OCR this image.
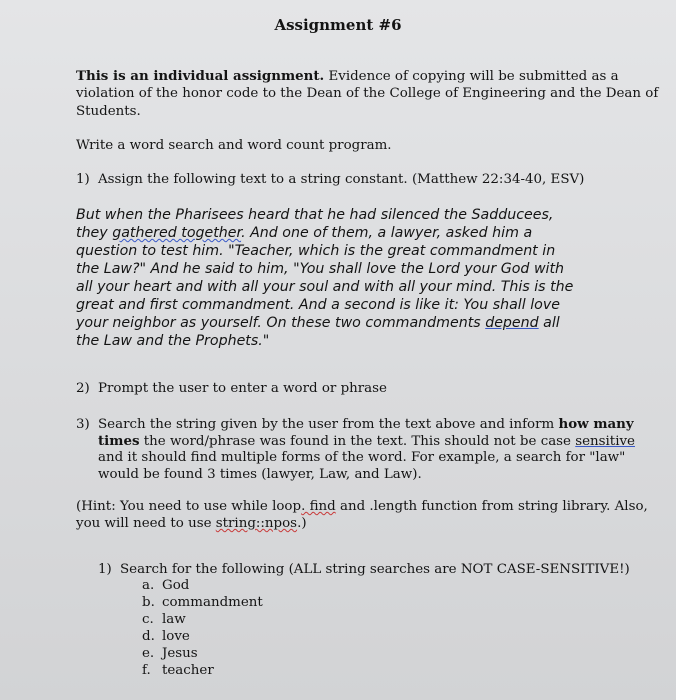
Assignment #6
This is an individual assignment. Evidence of copying will be submitted as a
violation of the honor code to the Dean of the College of Engineering and the Dean of
Students.
Write a word search and word count program.
1) Assign the following text to a string constant. (Matthew 22:34-40, ESV)
But when the Pharisees heard that he had silenced the Sadducees,
they gathered together. And one of them, a lawyer, asked him a
question to test him. "Teacher, which is the great commandment in
the Law?" And he said to him, "You shall love the Lord your God with
all your heart and with all your soul and with all your mind. This is the
great and first commandment. And a second is like it: You shall love
your neighbor as yourself. On these two commandments depend all
the Law and the Prophets."
2) Prompt the user to enter a word or phrase
3) Search the string given by the user from the text above and inform how many
times the word/phrase was found in the text. This should not be case sensitive
and it should find multiple forms of the word. For example, a search for "law"
would be found 3 times (lawyer, Law, and Law).
(Hint: You need to use while loop. find and .length function from string library. Also,
you will need to use string::npos.)
1) Search for the following (ALL string searches are NOT CASE-SENSITIVE!)
a. God
b. commandment
c. law
d. love
e. Jesus
f. teacher
